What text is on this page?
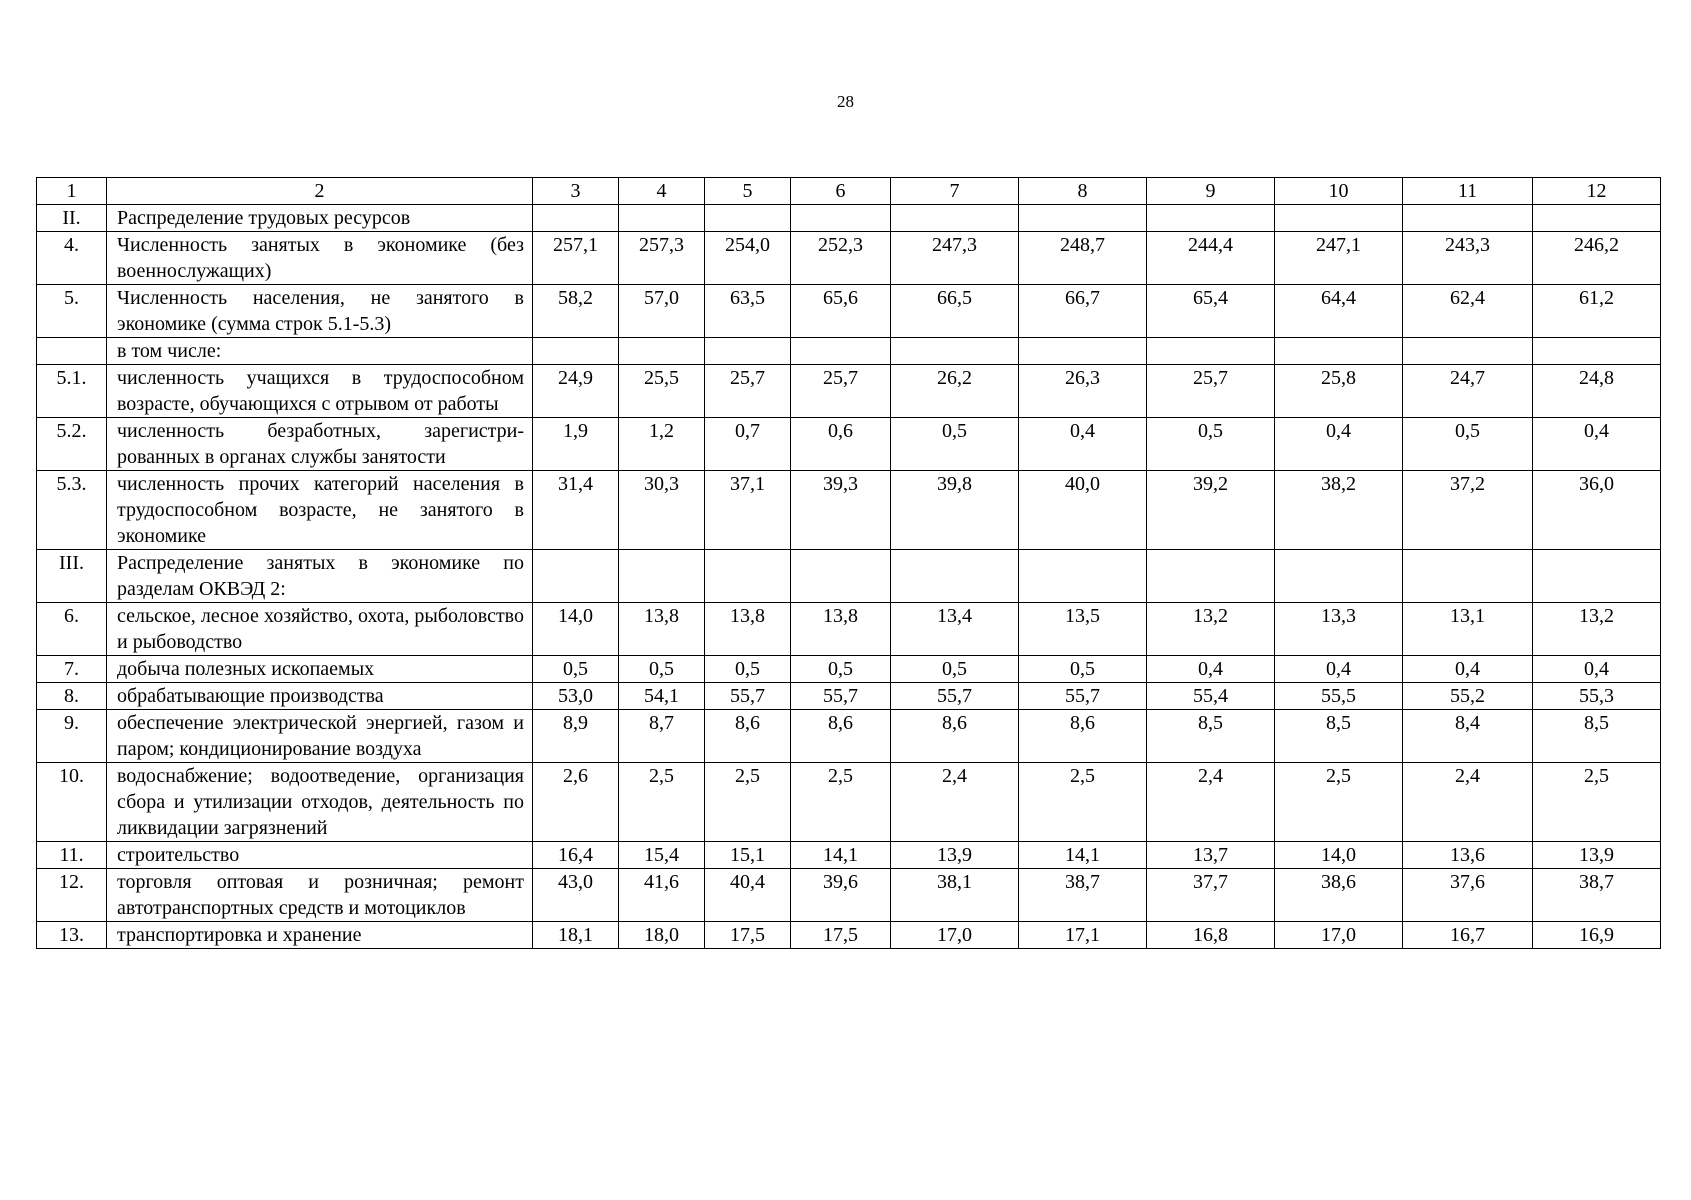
28
1	2	3	4	5	6	7	8	9	10	11	12
II.	Распределение трудовых ресурсов										
4.	Численность занятых в экономике (без военнослужащих)	257,1	257,3	254,0	252,3	247,3	248,7	244,4	247,1	243,3	246,2
5.	Численность населения, не занятого в экономике (сумма строк 5.1-5.3)	58,2	57,0	63,5	65,6	66,5	66,7	65,4	64,4	62,4	61,2
	в том числе:										
5.1.	численность учащихся в трудоспособном возрасте, обучающихся с отрывом от работы	24,9	25,5	25,7	25,7	26,2	26,3	25,7	25,8	24,7	24,8
5.2.	численность безработных, зарегистри-рованных в органах службы занятости	1,9	1,2	0,7	0,6	0,5	0,4	0,5	0,4	0,5	0,4
5.3.	численность прочих категорий населения в трудоспособном возрасте, не занятого в экономике	31,4	30,3	37,1	39,3	39,8	40,0	39,2	38,2	37,2	36,0
III.	Распределение занятых в экономике по разделам ОКВЭД 2:										
6.	сельское, лесное хозяйство, охота, рыболовство и рыбоводство	14,0	13,8	13,8	13,8	13,4	13,5	13,2	13,3	13,1	13,2
7.	добыча полезных ископаемых	0,5	0,5	0,5	0,5	0,5	0,5	0,4	0,4	0,4	0,4
8.	обрабатывающие производства	53,0	54,1	55,7	55,7	55,7	55,7	55,4	55,5	55,2	55,3
9.	обеспечение электрической энергией, газом и паром; кондиционирование воздуха	8,9	8,7	8,6	8,6	8,6	8,6	8,5	8,5	8,4	8,5
10.	водоснабжение; водоотведение, организация сбора и утилизации отходов, деятельность по ликвидации загрязнений	2,6	2,5	2,5	2,5	2,4	2,5	2,4	2,5	2,4	2,5
11.	строительство	16,4	15,4	15,1	14,1	13,9	14,1	13,7	14,0	13,6	13,9
12.	торговля оптовая и розничная; ремонт автотранспортных средств и мотоциклов	43,0	41,6	40,4	39,6	38,1	38,7	37,7	38,6	37,6	38,7
13.	транспортировка и хранение	18,1	18,0	17,5	17,5	17,0	17,1	16,8	17,0	16,7	16,9
